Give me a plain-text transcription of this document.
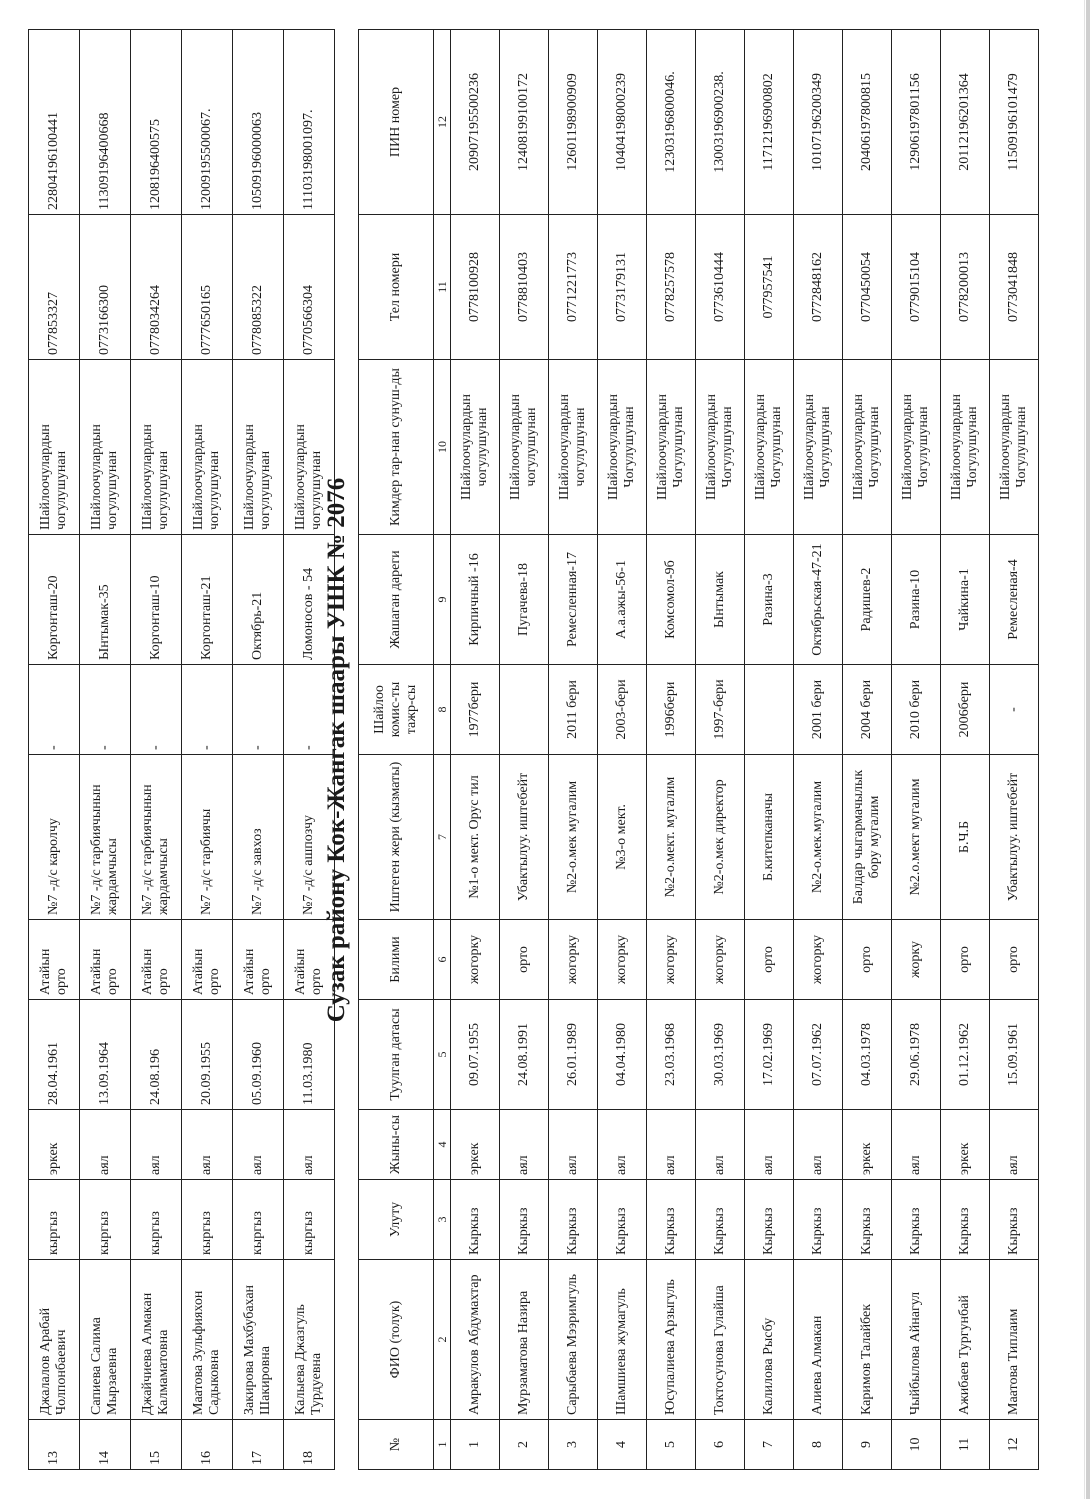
13	Джалалов Арабай Чолпонбаевич	кыргыз	эркек	28.04.1961	Атайын орто	№7 -д/с каролчу	-	Коргонташ-20	Шайлоочулардын чогулушунан	077853327	22804196100441
14	Сапиева Салима Мырзаевна	кыргыз	аял	13.09.1964	Атайын орто	№7 -д/с тарбиячынын жардамчысы	-	Ынтымак-35	Шайлоочулардын чогулушунан	0773166300	11309196400668
15	Джайчиева Алмакан Калмаматовна	кыргыз	аял	24.08.196	Атайын орто	№7 -д/с тарбиячынын жардамчысы	-	Коргонташ-10	Шайлоочулардын чогулушунан	0778034264	1208196400575
16	Маатова Зульфияхон Садыковна	кыргыз	аял	20.09.1955	Атайын орто	№7 -д/с тарбиячы	-	Коргонташ-21	Шайлоочулардын чогулушунан	0777650165	12009195500067.
17	Закирова Махбубахан Шакировна	кыргыз	аял	05.09.1960	Атайын орто	№7 -д/с завхоз	-	Октябрь-21	Шайлоочулардын чогулушунан	0778085322	10509196000063
18	Калыева Джазгуль Турдуевна	кыргыз	аял	11.03.1980	Атайын орто	№7 -д/с ашпозчу	-	Ломоносов - 54	Шайлоочулардын чогулушунан	0770566304	11103198001097.
Сузак району Кок-Жангак шаары УШК № 2076
№	ФИО (толук)	Улуту	Жыны-сы	Туулган датасы	Билими	Иштеген жери (кызматы)	Шайлоо комис-ты тажр-сы	Жашаган дареги	Кимдер тар-нан сунуш-ды	Тел номери	ПИН номер
1	2	3	4	5	6	7	8	9	10	11	12
1	Амракулов Абдумахтар	Кыркыз	эркек	09.07.1955	жогорку	№1-о мект. Орус тил	1977бери	Кирпичный -16	Шайлоочулардын чогулушунан	0778100928	20907195500236
2	Мурзаматова Назира	Кыркыз	аял	24.08.1991	орто	Убактылуу. иштебейт		Пугачева-18	Шайлоочулардын чогулушунан	0778810403	12408199100172
3	Сарыбаева Мээримгуль	Кыркыз	аял	26.01.1989	жогорку	№2-о.мек мугалим	2011 бери	Ремесленная-17	Шайлоочулардын чогулушунан	0771221773	12601198900909
4	Шамшиева жумагуль	Кыркыз	аял	04.04.1980	жогорку	№3-о мект.	2003-бери	А.а.ажы-56-1	Шайлоочулардын Чогулушунан	0773179131	10404198000239
5	Юсупалиева Арзыгуль	Кыркыз	аял	23.03.1968	жогорку	№2-о.мект. мугалим	1996бери	Комсомол-9б	Шайлоочулардын Чогулушунан	0778257578	12303196800046.
6	Токтосунова Гулайша	Кыркыз	аял	30.03.1969	жогорку	№2-о.мек директор	1997-бери	Ынтымак	Шайлоочулардын Чогулушунан	0773610444	13003196900238.
7	Калилова Рысбу	Кыркыз	аял	17.02.1969	орто	Б.китепканачы		Разина-3	Шайлоочулардын Чогулушунан	077957541	11712196900802
8	Алиева Алмакан	Кыркыз	аял	07.07.1962	жогорку	№2-о.мек.мугалим	2001 бери	Октябрьская-47-21	Шайлоочулардын Чогулушунан	0772848162	10107196200349
9	Каримов Талайбек	Кыркыз	эркек	04.03.1978	орто	Балдар чыгармачылык бору мугалим	2004 бери	Радишев-2	Шайлоочулардын Чогулушунан	0770450054	20406197800815
10	Чыйбылова Айнагул	Кыркыз	аял	29.06.1978	жорку	№2.о.мект мугалим	2010 бери	Разина-10	Шайлоочулардын Чогулушунан	0779015104	12906197801156
11	Ажибаев Тургунбай	Кыркыз	эркек	01.12.1962	орто	Б.Ч.Б	2006бери	Чайкина-1	Шайлоочулардын Чогулушунан	0778200013	20112196201364
12	Маатова Типлаим	Кыркыз	аял	15.09.1961	орто	Убактылуу. иштебейт	-	Ремесленая-4	Шайлоочулардын Чогулушунан	0773041848	11509196101479
